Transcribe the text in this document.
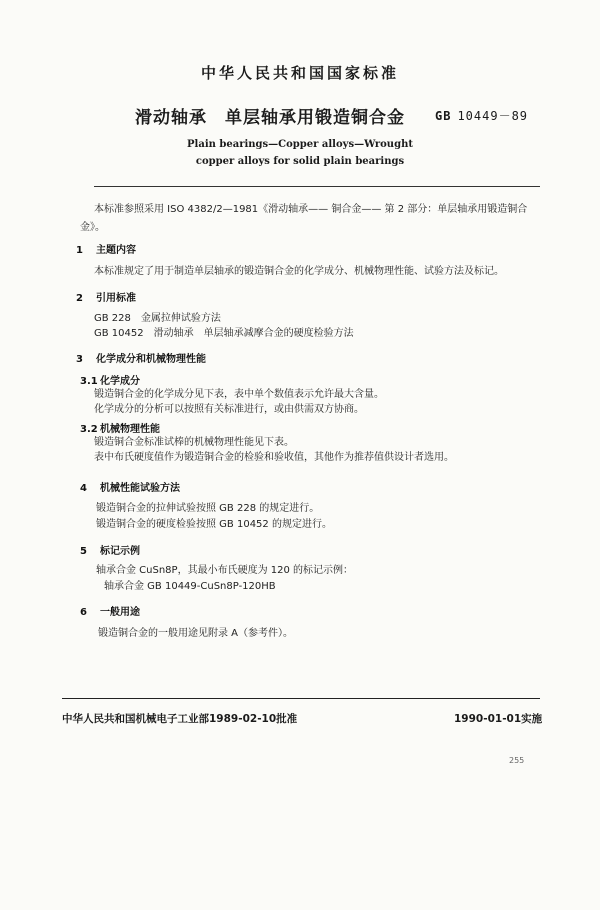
中华人民共和国国家标准
滑动轴承　单层轴承用锻造铜合金	GB 10449－89
Plain bearings—Copper alloys—Wrought
copper alloys for solid plain bearings
本标准参照采用 ISO 4382/2—1981《滑动轴承—— 铜合金—— 第 2 部分：单层轴承用锻造铜合
金》。
1 主题内容
本标准规定了用于制造单层轴承的锻造铜合金的化学成分、机械物理性能、试验方法及标记。
2 引用标准
GB 228　金属拉伸试验方法
GB 10452　滑动轴承　单层轴承减摩合金的硬度检验方法
3 化学成分和机械物理性能
3.1 化学成分
锻造铜合金的化学成分见下表，表中单个数值表示允许最大含量。
化学成分的分析可以按照有关标准进行，或由供需双方协商。
3.2 机械物理性能
锻造铜合金标准试棒的机械物理性能见下表。
表中布氏硬度值作为锻造铜合金的检验和验收值，其他作为推荐值供设计者选用。
4 机械性能试验方法
锻造铜合金的拉伸试验按照 GB 228 的规定进行。
锻造铜合金的硬度检验按照 GB 10452 的规定进行。
5 标记示例
轴承合金 CuSn8P，其最小布氏硬度为 120 的标记示例：
轴承合金 GB 10449-CuSn8P-120HB
6 一般用途
锻造铜合金的一般用途见附录 A（参考件）。
中华人民共和国机械电子工业部1989-02-10批准	1990-01-01实施
255
